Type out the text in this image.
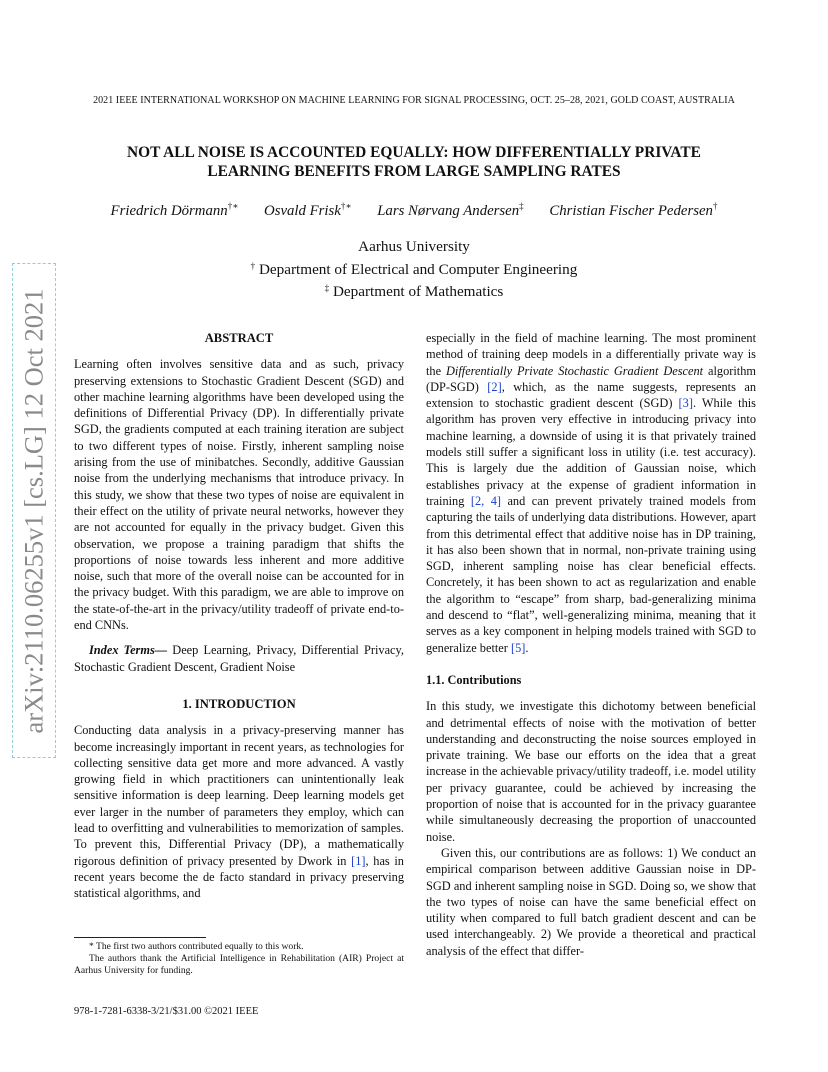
2021 IEEE INTERNATIONAL WORKSHOP ON MACHINE LEARNING FOR SIGNAL PROCESSING, OCT. 25–28, 2021, GOLD COAST, AUSTRALIA
NOT ALL NOISE IS ACCOUNTED EQUALLY: HOW DIFFERENTIALLY PRIVATE
LEARNING BENEFITS FROM LARGE SAMPLING RATES
Friedrich Dörmann†∗ Osvald Frisk†∗ Lars Nørvang Andersen‡ Christian Fischer Pedersen†
Aarhus University
† Department of Electrical and Computer Engineering
‡ Department of Mathematics
arXiv:2110.06255v1 [cs.LG] 12 Oct 2021	ABSTRACT

Learning often involves sensitive data and as such, privacy preserving extensions to Stochastic Gradient Descent (SGD) and other machine learning algorithms have been developed using the definitions of Differential Privacy (DP). In differentially private SGD, the gradients computed at each training iteration are subject to two different types of noise. Firstly, inherent sampling noise arising from the use of minibatches. Secondly, additive Gaussian noise from the underlying mechanisms that introduce privacy. In this study, we show that these two types of noise are equivalent in their effect on the utility of private neural networks, however they are not accounted for equally in the privacy budget. Given this observation, we propose a training paradigm that shifts the proportions of noise towards less inherent and more additive noise, such that more of the overall noise can be accounted for in the privacy budget. With this paradigm, we are able to improve on the state-of-the-art in the privacy/utility tradeoff of private end-to-end CNNs.

Index Terms— Deep Learning, Privacy, Differential Privacy, Stochastic Gradient Descent, Gradient Noise

1. INTRODUCTION

Conducting data analysis in a privacy-preserving manner has become increasingly important in recent years, as technologies for collecting sensitive data get more and more advanced. A vastly growing field in which practitioners can unintentionally leak sensitive information is deep learning. Deep learning models get ever larger in the number of parameters they employ, which can lead to overfitting and vulnerabilities to memorization of samples. To prevent this, Differential Privacy (DP), a mathematically rigorous definition of privacy presented by Dwork in [1], has in recent years become the de facto standard in privacy preserving statistical algorithms, and

especially in the field of machine learning. The most prominent method of training deep models in a differentially private way is the Differentially Private Stochastic Gradient Descent algorithm (DP-SGD) [2], which, as the name suggests, represents an extension to stochastic gradient descent (SGD) [3]. While this algorithm has proven very effective in introducing privacy into machine learning, a downside of using it is that privately trained models still suffer a significant loss in utility (i.e. test accuracy). This is largely due the addition of Gaussian noise, which establishes privacy at the expense of gradient information in training [2, 4] and can prevent privately trained models from capturing the tails of underlying data distributions. However, apart from this detrimental effect that additive noise has in DP training, it has also been shown that in normal, non-private training using SGD, inherent sampling noise has clear beneficial effects. Concretely, it has been shown to act as regularization and enable the algorithm to “escape” from sharp, bad-generalizing minima and descend to “flat”, well-generalizing minima, meaning that it serves as a key component in helping models trained with SGD to generalize better [5].

1.1. Contributions

In this study, we investigate this dichotomy between beneficial and detrimental effects of noise with the motivation of better understanding and deconstructing the noise sources employed in private training. We base our efforts on the idea that a great increase in the achievable privacy/utility tradeoff, i.e. model utility per privacy guarantee, could be achieved by increasing the proportion of noise that is accounted for in the privacy guarantee while simultaneously decreasing the proportion of unaccounted noise.

Given this, our contributions are as follows: 1) We conduct an empirical comparison between additive Gaussian noise in DP-SGD and inherent sampling noise in SGD. Doing so, we show that the two types of noise can have the same beneficial effect on utility when compared to full batch gradient descent and can be used interchangeably. 2) We provide a theoretical and practical analysis of the effect that differ-

* The first two authors contributed equally to this work.

The authors thank the Artificial Intelligence in Rehabilitation (AIR) Project at Aarhus University for funding.

978-1-7281-6338-3/21/$31.00 ©2021 IEEE
